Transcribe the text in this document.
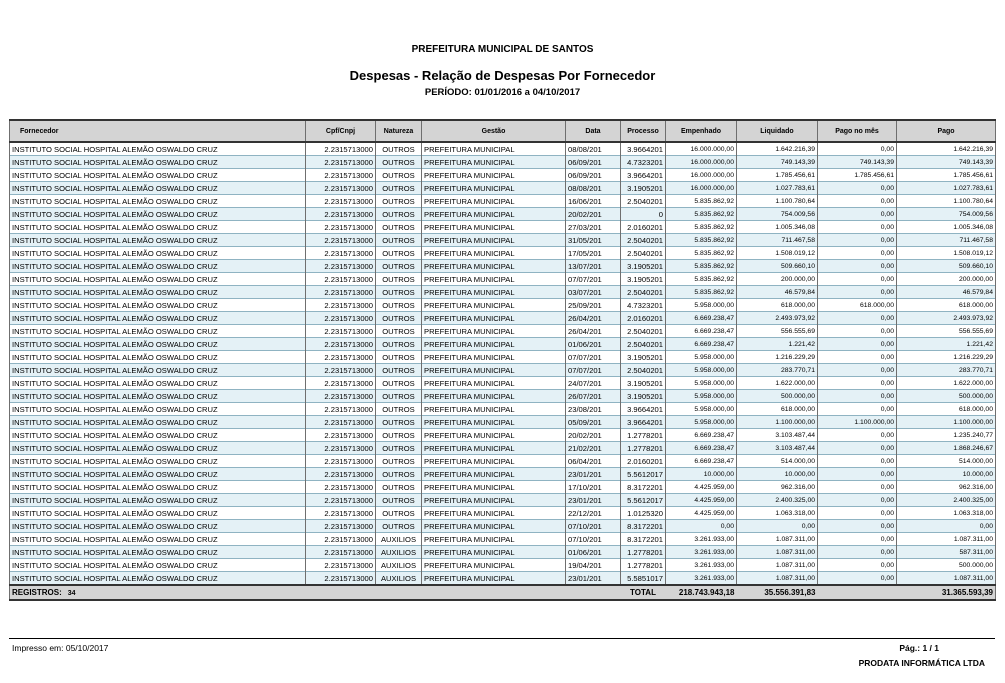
PREFEITURA MUNICIPAL DE SANTOS
Despesas - Relação de Despesas Por Fornecedor
PERÍODO: 01/01/2016 a 04/10/2017
Fornecedor	Cpf/Cnpj	Natureza	Gestão	Data	Processo	Empenhado	Liquidado	Pago no mês	Pago
INSTITUTO SOCIAL HOSPITAL ALEMÃO OSWALDO CRUZ	2.2315713000	OUTROS	PREFEITURA MUNICIPAL	08/08/201	3.9664201	16.000.000,00	1.642.216,39	0,00	1.642.216,39
INSTITUTO SOCIAL HOSPITAL ALEMÃO OSWALDO CRUZ	2.2315713000	OUTROS	PREFEITURA MUNICIPAL	06/09/201	4.7323201	16.000.000,00	749.143,39	749.143,39	749.143,39
INSTITUTO SOCIAL HOSPITAL ALEMÃO OSWALDO CRUZ	2.2315713000	OUTROS	PREFEITURA MUNICIPAL	06/09/201	3.9664201	16.000.000,00	1.785.456,61	1.785.456,61	1.785.456,61
INSTITUTO SOCIAL HOSPITAL ALEMÃO OSWALDO CRUZ	2.2315713000	OUTROS	PREFEITURA MUNICIPAL	08/08/201	3.1905201	16.000.000,00	1.027.783,61	0,00	1.027.783,61
INSTITUTO SOCIAL HOSPITAL ALEMÃO OSWALDO CRUZ	2.2315713000	OUTROS	PREFEITURA MUNICIPAL	16/06/201	2.5040201	5.835.862,92	1.100.780,64	0,00	1.100.780,64
INSTITUTO SOCIAL HOSPITAL ALEMÃO OSWALDO CRUZ	2.2315713000	OUTROS	PREFEITURA MUNICIPAL	20/02/201	0	5.835.862,92	754.009,56	0,00	754.009,56
INSTITUTO SOCIAL HOSPITAL ALEMÃO OSWALDO CRUZ	2.2315713000	OUTROS	PREFEITURA MUNICIPAL	27/03/201	2.0160201	5.835.862,92	1.005.346,08	0,00	1.005.346,08
INSTITUTO SOCIAL HOSPITAL ALEMÃO OSWALDO CRUZ	2.2315713000	OUTROS	PREFEITURA MUNICIPAL	31/05/201	2.5040201	5.835.862,92	711.467,58	0,00	711.467,58
INSTITUTO SOCIAL HOSPITAL ALEMÃO OSWALDO CRUZ	2.2315713000	OUTROS	PREFEITURA MUNICIPAL	17/05/201	2.5040201	5.835.862,92	1.508.019,12	0,00	1.508.019,12
INSTITUTO SOCIAL HOSPITAL ALEMÃO OSWALDO CRUZ	2.2315713000	OUTROS	PREFEITURA MUNICIPAL	13/07/201	3.1905201	5.835.862,92	509.660,10	0,00	509.660,10
INSTITUTO SOCIAL HOSPITAL ALEMÃO OSWALDO CRUZ	2.2315713000	OUTROS	PREFEITURA MUNICIPAL	07/07/201	3.1905201	5.835.862,92	200.000,00	0,00	200.000,00
INSTITUTO SOCIAL HOSPITAL ALEMÃO OSWALDO CRUZ	2.2315713000	OUTROS	PREFEITURA MUNICIPAL	03/07/201	2.5040201	5.835.862,92	46.579,84	0,00	46.579,84
INSTITUTO SOCIAL HOSPITAL ALEMÃO OSWALDO CRUZ	2.2315713000	OUTROS	PREFEITURA MUNICIPAL	25/09/201	4.7323201	5.958.000,00	618.000,00	618.000,00	618.000,00
INSTITUTO SOCIAL HOSPITAL ALEMÃO OSWALDO CRUZ	2.2315713000	OUTROS	PREFEITURA MUNICIPAL	26/04/201	2.0160201	6.669.238,47	2.493.973,92	0,00	2.493.973,92
INSTITUTO SOCIAL HOSPITAL ALEMÃO OSWALDO CRUZ	2.2315713000	OUTROS	PREFEITURA MUNICIPAL	26/04/201	2.5040201	6.669.238,47	556.555,69	0,00	556.555,69
INSTITUTO SOCIAL HOSPITAL ALEMÃO OSWALDO CRUZ	2.2315713000	OUTROS	PREFEITURA MUNICIPAL	01/06/201	2.5040201	6.669.238,47	1.221,42	0,00	1.221,42
INSTITUTO SOCIAL HOSPITAL ALEMÃO OSWALDO CRUZ	2.2315713000	OUTROS	PREFEITURA MUNICIPAL	07/07/201	3.1905201	5.958.000,00	1.216.229,29	0,00	1.216.229,29
INSTITUTO SOCIAL HOSPITAL ALEMÃO OSWALDO CRUZ	2.2315713000	OUTROS	PREFEITURA MUNICIPAL	07/07/201	2.5040201	5.958.000,00	283.770,71	0,00	283.770,71
INSTITUTO SOCIAL HOSPITAL ALEMÃO OSWALDO CRUZ	2.2315713000	OUTROS	PREFEITURA MUNICIPAL	24/07/201	3.1905201	5.958.000,00	1.622.000,00	0,00	1.622.000,00
INSTITUTO SOCIAL HOSPITAL ALEMÃO OSWALDO CRUZ	2.2315713000	OUTROS	PREFEITURA MUNICIPAL	26/07/201	3.1905201	5.958.000,00	500.000,00	0,00	500.000,00
INSTITUTO SOCIAL HOSPITAL ALEMÃO OSWALDO CRUZ	2.2315713000	OUTROS	PREFEITURA MUNICIPAL	23/08/201	3.9664201	5.958.000,00	618.000,00	0,00	618.000,00
INSTITUTO SOCIAL HOSPITAL ALEMÃO OSWALDO CRUZ	2.2315713000	OUTROS	PREFEITURA MUNICIPAL	05/09/201	3.9664201	5.958.000,00	1.100.000,00	1.100.000,00	1.100.000,00
INSTITUTO SOCIAL HOSPITAL ALEMÃO OSWALDO CRUZ	2.2315713000	OUTROS	PREFEITURA MUNICIPAL	20/02/201	1.2778201	6.669.238,47	3.103.487,44	0,00	1.235.240,77
INSTITUTO SOCIAL HOSPITAL ALEMÃO OSWALDO CRUZ	2.2315713000	OUTROS	PREFEITURA MUNICIPAL	21/02/201	1.2778201	6.669.238,47	3.103.487,44	0,00	1.868.246,67
INSTITUTO SOCIAL HOSPITAL ALEMÃO OSWALDO CRUZ	2.2315713000	OUTROS	PREFEITURA MUNICIPAL	06/04/201	2.0160201	6.669.238,47	514.000,00	0,00	514.000,00
INSTITUTO SOCIAL HOSPITAL ALEMÃO OSWALDO CRUZ	2.2315713000	OUTROS	PREFEITURA MUNICIPAL	23/01/201	5.5612017	10.000,00	10.000,00	0,00	10.000,00
INSTITUTO SOCIAL HOSPITAL ALEMÃO OSWALDO CRUZ	2.2315713000	OUTROS	PREFEITURA MUNICIPAL	17/10/201	8.3172201	4.425.959,00	962.316,00	0,00	962.316,00
INSTITUTO SOCIAL HOSPITAL ALEMÃO OSWALDO CRUZ	2.2315713000	OUTROS	PREFEITURA MUNICIPAL	23/01/201	5.5612017	4.425.959,00	2.400.325,00	0,00	2.400.325,00
INSTITUTO SOCIAL HOSPITAL ALEMÃO OSWALDO CRUZ	2.2315713000	OUTROS	PREFEITURA MUNICIPAL	22/12/201	1.0125320	4.425.959,00	1.063.318,00	0,00	1.063.318,00
INSTITUTO SOCIAL HOSPITAL ALEMÃO OSWALDO CRUZ	2.2315713000	OUTROS	PREFEITURA MUNICIPAL	07/10/201	8.3172201	0,00	0,00	0,00	0,00
INSTITUTO SOCIAL HOSPITAL ALEMÃO OSWALDO CRUZ	2.2315713000	AUXILIOS	PREFEITURA MUNICIPAL	07/10/201	8.3172201	3.261.933,00	1.087.311,00	0,00	1.087.311,00
INSTITUTO SOCIAL HOSPITAL ALEMÃO OSWALDO CRUZ	2.2315713000	AUXILIOS	PREFEITURA MUNICIPAL	01/06/201	1.2778201	3.261.933,00	1.087.311,00	0,00	587.311,00
INSTITUTO SOCIAL HOSPITAL ALEMÃO OSWALDO CRUZ	2.2315713000	AUXILIOS	PREFEITURA MUNICIPAL	19/04/201	1.2778201	3.261.933,00	1.087.311,00	0,00	500.000,00
INSTITUTO SOCIAL HOSPITAL ALEMÃO OSWALDO CRUZ	2.2315713000	AUXILIOS	PREFEITURA MUNICIPAL	23/01/201	5.5851017	3.261.933,00	1.087.311,00	0,00	1.087.311,00
REGISTROS: 34					TOTAL	218.743.943,18	35.556.391,83		31.365.593,39
Impresso em: 05/10/2017	Pág.: 1 / 1
PRODATA INFORMÁTICA LTDA
